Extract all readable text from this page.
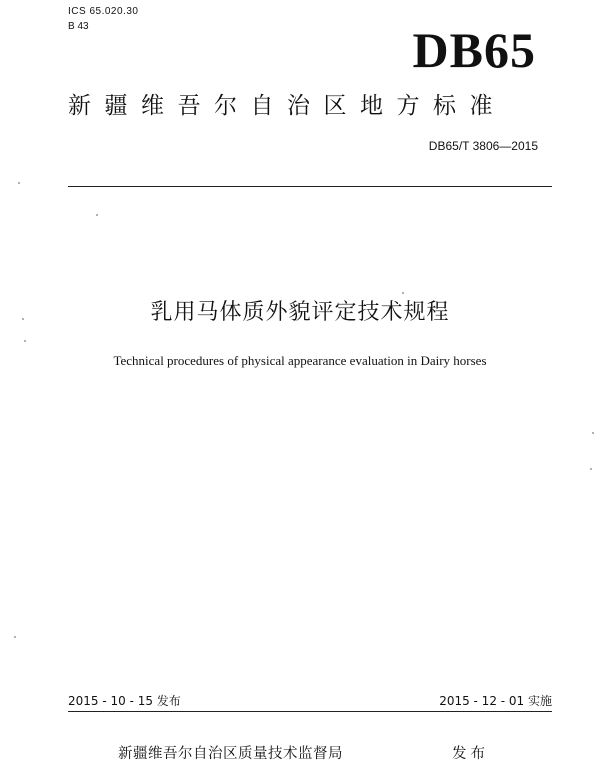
ICS 65.020.30
B 43	DB65
新疆维吾尔自治区地方标准
DB65/T 3806—2015
乳用马体质外貌评定技术规程
Technical procedures of physical appearance evaluation in Dairy horses
2015 - 10 - 15 发布	2015 - 12 - 01 实施
新疆维吾尔自治区质量技术监督局	发布
